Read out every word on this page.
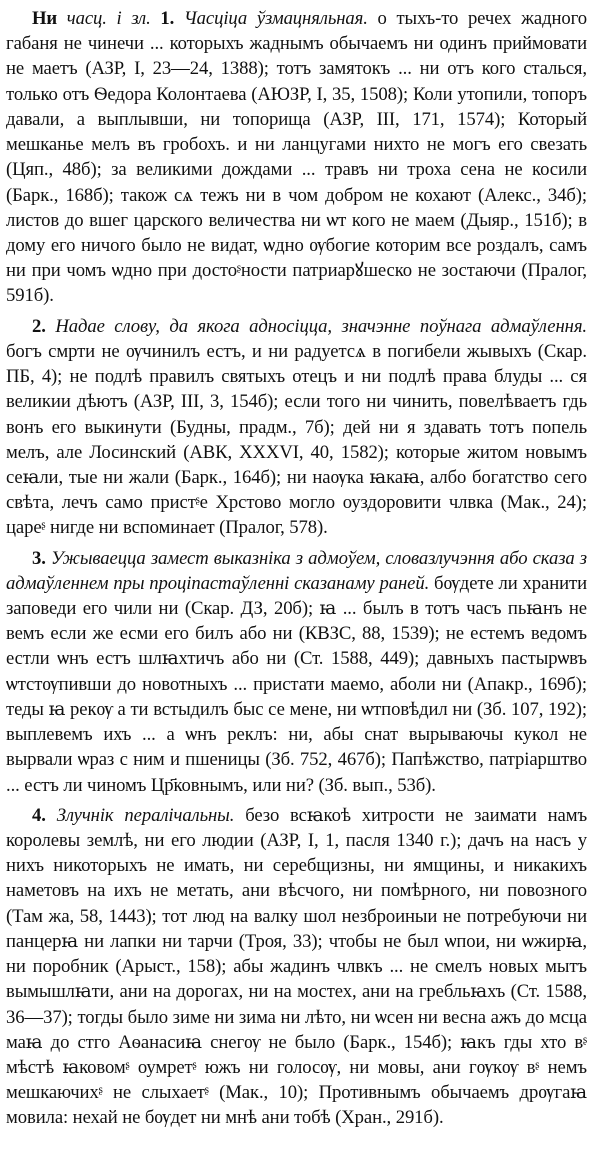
Ни часц. і зл. 1. Часціца ўзмацняльная. о тыхъ-то речех жадного габаня не чинечи ... которыхъ жаднымъ обычаемъ ни одинъ приймовати не маетъ (АЗР, I, 23—24, 1388); тотъ замятокъ ... ни отъ кого сталься, только отъ Ѳедора Колонтаева (АЮЗР, I, 35, 1508); Коли утопили, топоръ давали, а выплывши, ни топорища (АЗР, III, 171, 1574); Который мешканье мелъ въ гробохъ. и ни ланцугами нихто не могъ его свезать (Цяп., 48б); за великими дождами ... травъ ни троха сена не косили (Барк., 168б); також сѧ тежъ ни в чом добром не кохают (Алекс., 34б); листов до вшег царского величества ни ѡт кого не маем (Дыяр., 151б); в дому его ничого было не видат, ѡдно ѹбогие которим все роздалъ, самъ ни при чомъ ѡдно при достоᶳности патриарꙋшеско не зостаючи (Пралог, 591б).

2. Надае слову, да якога адносіцца, значэнне поўнага адмаўлення. богъ смрти не ѹчинилъ естъ, и ни радуетсѧ в погибели жывыхъ (Скар. ПБ, 4); не подлѣ правилъ святыхъ отецъ и ни подлѣ права блуды ... ся великии дѣютъ (АЗР, III, 3, 154б); если того ни чинить, повелѣваетъ гдь вонъ его выкинути (Будны, прадм., 7б); дей ни я здавать тотъ попель мелъ, але Лосинский (АВК, XXXVI, 40, 1582); которые житом новымъ сеꙗли, тые ни жали (Барк., 164б); ни наѹка ꙗкаꙗ, албо богатство сего свѣта, лечъ само пристᶳе Хрстово могло оуздоровити члвка (Мак., 24); цареᶳ нигде ни вспоминает (Пралог, 578).

3. Ужываецца замест выказніка з адмоўем, словазлучэння або сказа з адмаўленнем пры проціпастаўленні сказанаму раней. бѹдете ли хранити заповеди его чили ни (Скар. ДЗ, 20б); ꙗ ... былъ в тотъ часъ пьꙗнъ не вемъ если же есми его билъ або ни (КВЗС, 88, 1539); не естемъ ведомъ естли ѡнъ естъ шлꙗхтичъ або ни (Ст. 1588, 449); давныхъ пастырѡвъ ѡтстѹпивши до новотныхъ ... пристати маемо, аболи ни (Апакр., 169б); теды ꙗ рекѹ а ти встыдилъ быс се мене, ни ѡтповѣдил ни (Зб. 107, 192); выплевемъ ихъ ... а ѡнъ реклъ: ни, абы снат вырываючы кукол не вырвали ѡраз с ним и пшеницы (Зб. 752, 467б); Папѣжство, патріарштво ... естъ ли чиномъ Цр҃ковнымъ, или ни? (Зб. вып., 53б).

4. Злучнік пералічальны. безо всꙗкоѣ хитрости не заимати намъ королевы землѣ, ни его людии (АЗР, I, 1, пасля 1340 г.); дачъ на насъ у нихъ никоторыхъ не имать, ни серебщизны, ни ямщины, и никакихъ наметовъ на ихъ не метать, ани вѣсчого, ни помѣрного, ни повозного (Там жа, 58, 1443); тот люд на валку шол незброиныи не потребуючи ни панцерꙗ ни лапки ни тарчи (Троя, 33); чтобы не был ѡпои, ни ѡжирꙗ, ни поробник (Арыст., 158); абы жадинъ члвкъ ... не смелъ новых мытъ вымышлꙗти, ани на дорогах, ни на мостех, ани на гребльꙗхъ (Ст. 1588, 36—37); тогды было зиме ни зима ни лѣто, ни ѡсен ни весна ажъ до мсца маꙗ до стго Аѳанасиꙗ снегѹ не было (Барк., 154б); ꙗкъ гды хто вᶳ мѣстѣ ꙗковомᶳ оумретᶳ южъ ни голосѹ, ни мовы, ани гѹкѹ вᶳ немъ мешкаючихᶳ не слыхаетᶳ (Мак., 10); Противнымъ обычаемъ дрѹгаꙗ мовила: нехай не бѹдет ни мнѣ ани тобѣ (Хран., 291б).
